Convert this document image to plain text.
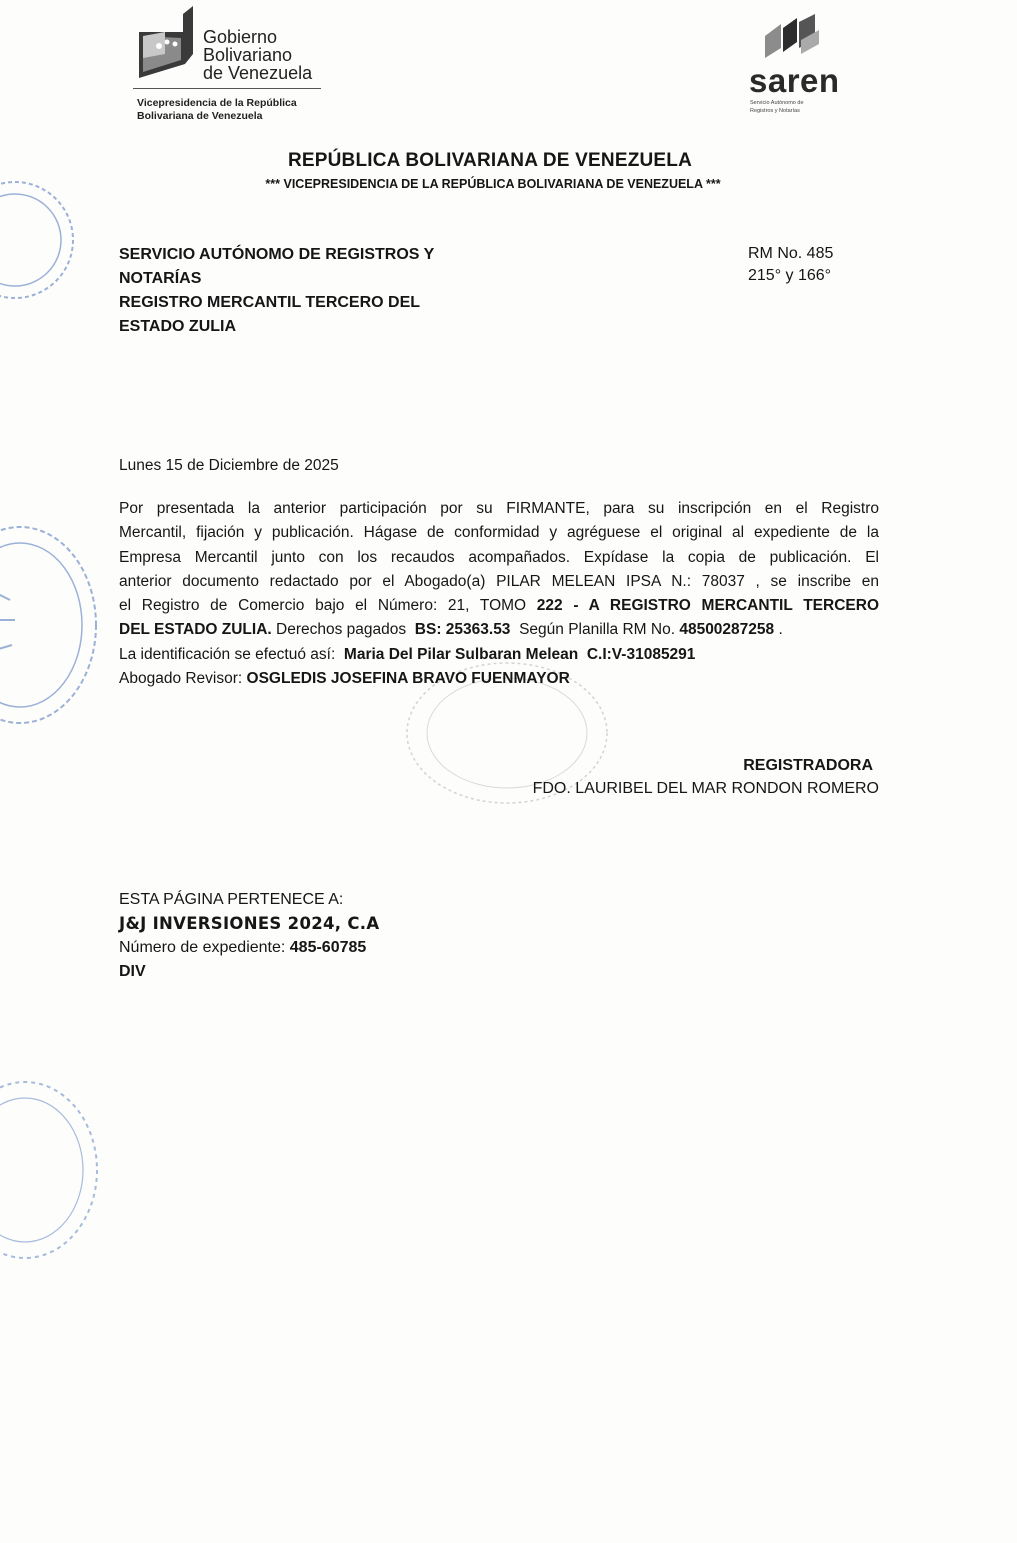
Gobierno
Bolivariano
de Venezuela
Vicepresidencia de la República
Bolivariana de Venezuela
saren
Servicio Autónomo de
Registros y Notarías
REPÚBLICA BOLIVARIANA DE VENEZUELA
*** VICEPRESIDENCIA DE LA REPÚBLICA BOLIVARIANA DE VENEZUELA ***
SERVICIO AUTÓNOMO DE REGISTROS Y
NOTARÍAS
REGISTRO MERCANTIL TERCERO DEL
ESTADO ZULIA
RM No. 485
215° y 166°
Lunes 15 de Diciembre de 2025
Por presentada la anterior participación por su FIRMANTE, para su inscripción en el Registro
Mercantil, fijación y publicación. Hágase de conformidad y agréguese el original al expediente de la
Empresa Mercantil junto con los recaudos acompañados. Expídase la copia de publicación. El
anterior documento redactado por el Abogado(a) PILAR MELEAN IPSA N.: 78037 , se inscribe en
el Registro de Comercio bajo el Número: 21, TOMO 222 - A REGISTRO MERCANTIL TERCERO
DEL ESTADO ZULIA. Derechos pagados BS: 25363.53 Según Planilla RM No. 48500287258 .
La identificación se efectuó así: Maria Del Pilar Sulbaran Melean C.I:V-31085291
Abogado Revisor: OSGLEDIS JOSEFINA BRAVO FUENMAYOR
REGISTRADORA
FDO. LAURIBEL DEL MAR RONDON ROMERO
ESTA PÁGINA PERTENECE A:
J&J INVERSIONES 2024, C.A
Número de expediente: 485-60785
DIV
